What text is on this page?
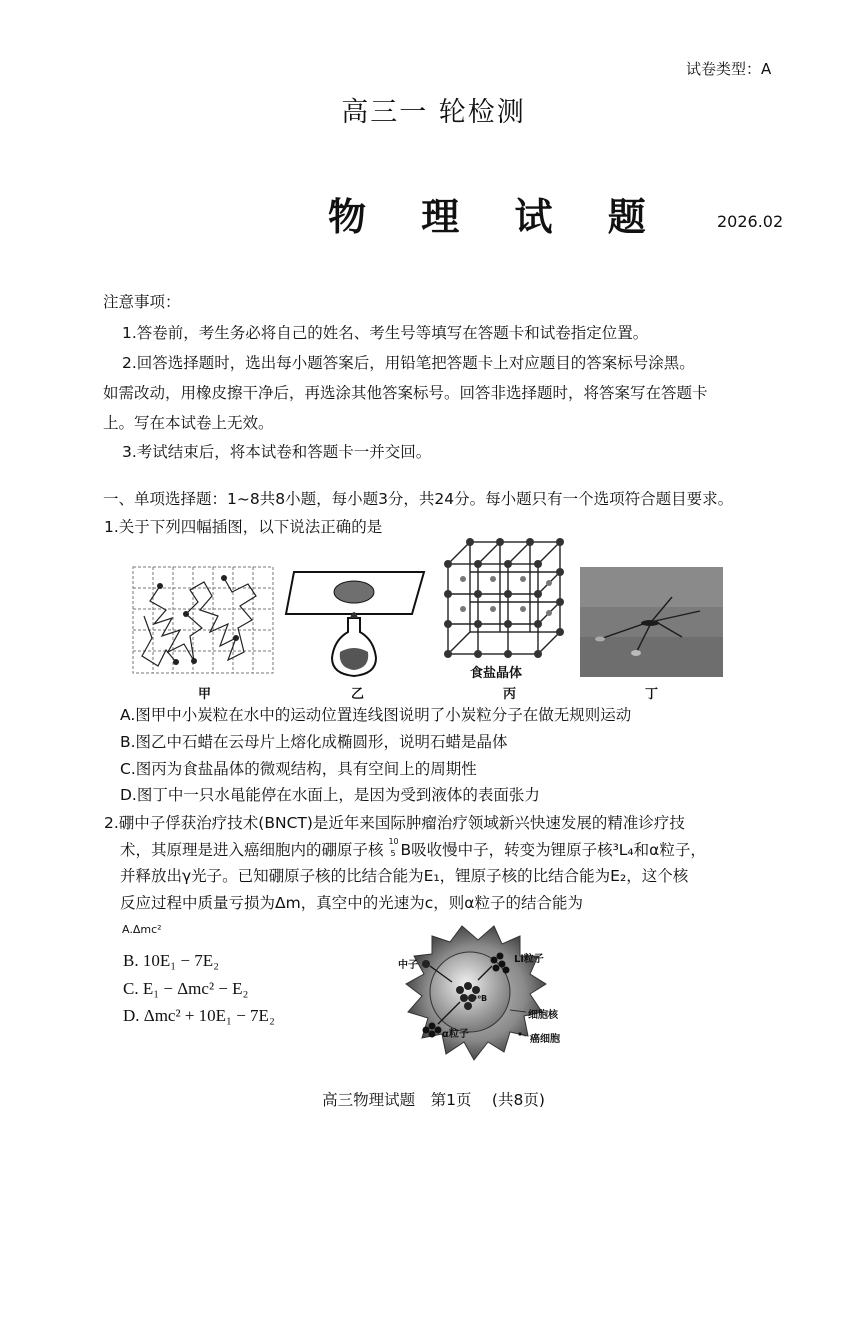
试卷类型：A
高三一 轮检测
物 理 试 题	2026.02
注意事项：
1.答卷前，考生务必将自己的姓名、考生号等填写在答题卡和试卷指定位置。
2.回答选择题时，选出每小题答案后，用铅笔把答题卡上对应题目的答案标号涂黑。
如需改动，用橡皮擦干净后，再选涂其他答案标号。回答非选择题时，将答案写在答题卡
上。写在本试卷上无效。
3.考试结束后，将本试卷和答题卡一并交回。
一、单项选择题：1~8共8小题，每小题3分，共24分。每小题只有一个选项符合题目要求。
1.关于下列四幅插图，以下说法正确的是
甲	乙
食盐晶体
丙	丁
A.图甲中小炭粒在水中的运动位置连线图说明了小炭粒分子在做无规则运动
B.图乙中石蜡在云母片上熔化成椭圆形，说明石蜡是晶体
C.图丙为食盐晶体的微观结构，具有空间上的周期性
D.图丁中一只水黾能停在水面上，是因为受到液体的表面张力
2.硼中子俘获治疗技术(BNCT)是近年来国际肿瘤治疗领域新兴快速发展的精准诊疗技
术，其原理是进入癌细胞内的硼原子核 10
5 B吸收慢中子，转变为锂原子核³L₄和α粒子，
并释放出γ光子。已知硼原子核的比结合能为E₁，锂原子核的比结合能为E₂，这个核
反应过程中质量亏损为Δm，真空中的光速为c，则α粒子的结合能为
A.Δmc²
B. 10E₁ − 7E₂
C. E₁ − Δmc² − E₂
D. Δmc² + 10E₁ − 7E₂
中子
Li粒子
¹⁰B
细胞核
α粒子	癌细胞
高三物理试题　第1页　 (共8页)
